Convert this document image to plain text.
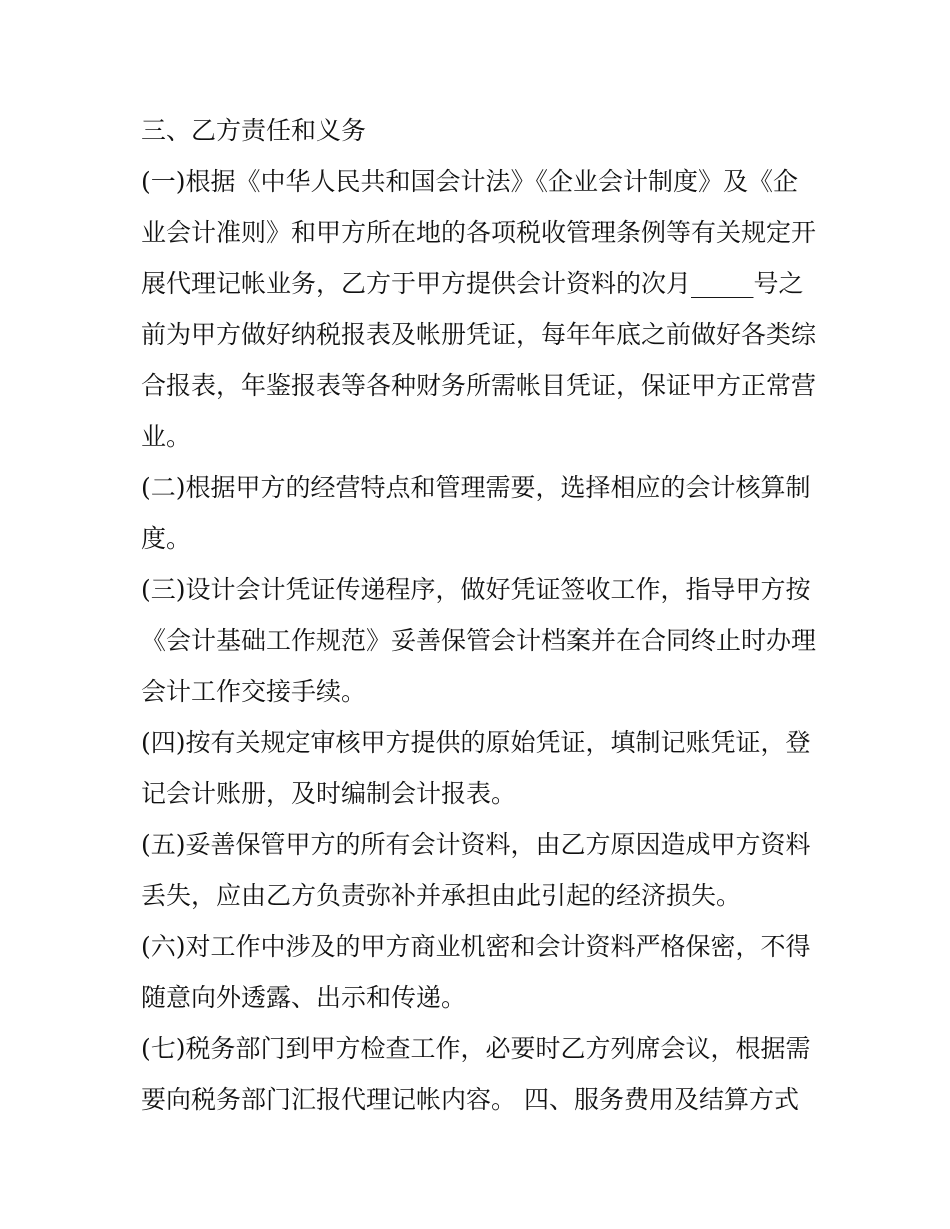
三、乙方责任和义务
(一)根据《中华人民共和国会计法》《企业会计制度》及《企
业会计准则》和甲方所在地的各项税收管理条例等有关规定开
展代理记帐业务，乙方于甲方提供会计资料的次月_____号之
前为甲方做好纳税报表及帐册凭证，每年年底之前做好各类综
合报表，年鉴报表等各种财务所需帐目凭证，保证甲方正常营
业。
(二)根据甲方的经营特点和管理需要，选择相应的会计核算制
度。
(三)设计会计凭证传递程序，做好凭证签收工作，指导甲方按
《会计基础工作规范》妥善保管会计档案并在合同终止时办理
会计工作交接手续。
(四)按有关规定审核甲方提供的原始凭证，填制记账凭证，登
记会计账册，及时编制会计报表。
(五)妥善保管甲方的所有会计资料，由乙方原因造成甲方资料
丢失，应由乙方负责弥补并承担由此引起的经济损失。
(六)对工作中涉及的甲方商业机密和会计资料严格保密，不得
随意向外透露、出示和传递。
(七)税务部门到甲方检查工作，必要时乙方列席会议，根据需
要向税务部门汇报代理记帐内容。 四、服务费用及结算方式
